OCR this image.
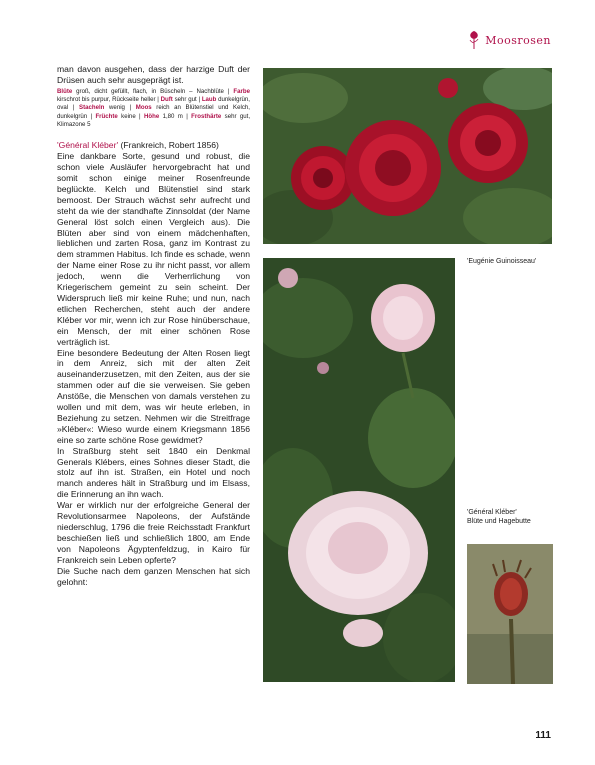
Moosrosen

man davon ausgehen, dass der harzige Duft der Drüsen auch sehr ausgeprägt ist.

Blüte groß, dicht gefüllt, flach, in Büscheln – Nachblüte | Farbe kirschrot bis purpur, Rückseite heller | Duft sehr gut | Laub dunkelgrün, oval | Stacheln wenig | Moos reich an Blütenstiel und Kelch, dunkelgrün | Früchte keine | Höhe 1,80 m | Frosthärte sehr gut, Klimazone 5

'Général Kléber' (Frankreich, Robert 1856)

Eine dankbare Sorte, gesund und robust, die schon viele Ausläufer hervorgebracht hat und somit schon einige meiner Rosenfreunde beglückte. Kelch und Blütenstiel sind stark bemoost. Der Strauch wächst sehr aufrecht und steht da wie der standhafte Zinnsoldat (der Name General löst solch einen Vergleich aus). Die Blüten aber sind von einem mädchenhaften, lieblichen und zarten Rosa, ganz im Kontrast zu dem strammen Habitus. Ich finde es schade, wenn der Name einer Rose zu ihr nicht passt, vor allem jedoch, wenn die Verherrlichung von Kriegerischem gemeint zu sein scheint. Der Widerspruch ließ mir keine Ruhe; und nun, nach etlichen Recherchen, steht auch der andere Kléber vor mir, wenn ich zur Rose hinüberschaue, ein Mensch, der mit einer schönen Rose verträglich ist.

Eine besondere Bedeutung der Alten Rosen liegt in dem Anreiz, sich mit der alten Zeit auseinanderzusetzen, mit den Zeiten, aus der sie stammen oder auf die sie verweisen. Sie geben Anstöße, die Menschen von damals verstehen zu wollen und mit dem, was wir heute erleben, in Beziehung zu setzen. Nehmen wir die Streitfrage »Kléber«: Wieso wurde einem Kriegsmann 1856 eine so zarte schöne Rose gewidmet?

In Straßburg steht seit 1840 ein Denkmal Generals Klébers, eines Sohnes dieser Stadt, die stolz auf ihn ist. Straßen, ein Hotel und noch manch anderes hält in Straßburg und im Elsass, die Erinnerung an ihn wach.

War er wirklich nur der erfolgreiche General der Revolutionsarmee Napoleons, der Aufstände niederschlug, 1796 die freie Reichsstadt Frankfurt beschießen ließ und schließlich 1800, am Ende von Napoleons Ägyptenfeldzug, in Kairo für Frankreich sein Leben opferte?

Die Suche nach dem ganzen Menschen hat sich gelohnt:

'Eugénie Guinoisseau'
'Général Kléber'
Blüte und Hagebutte
111
